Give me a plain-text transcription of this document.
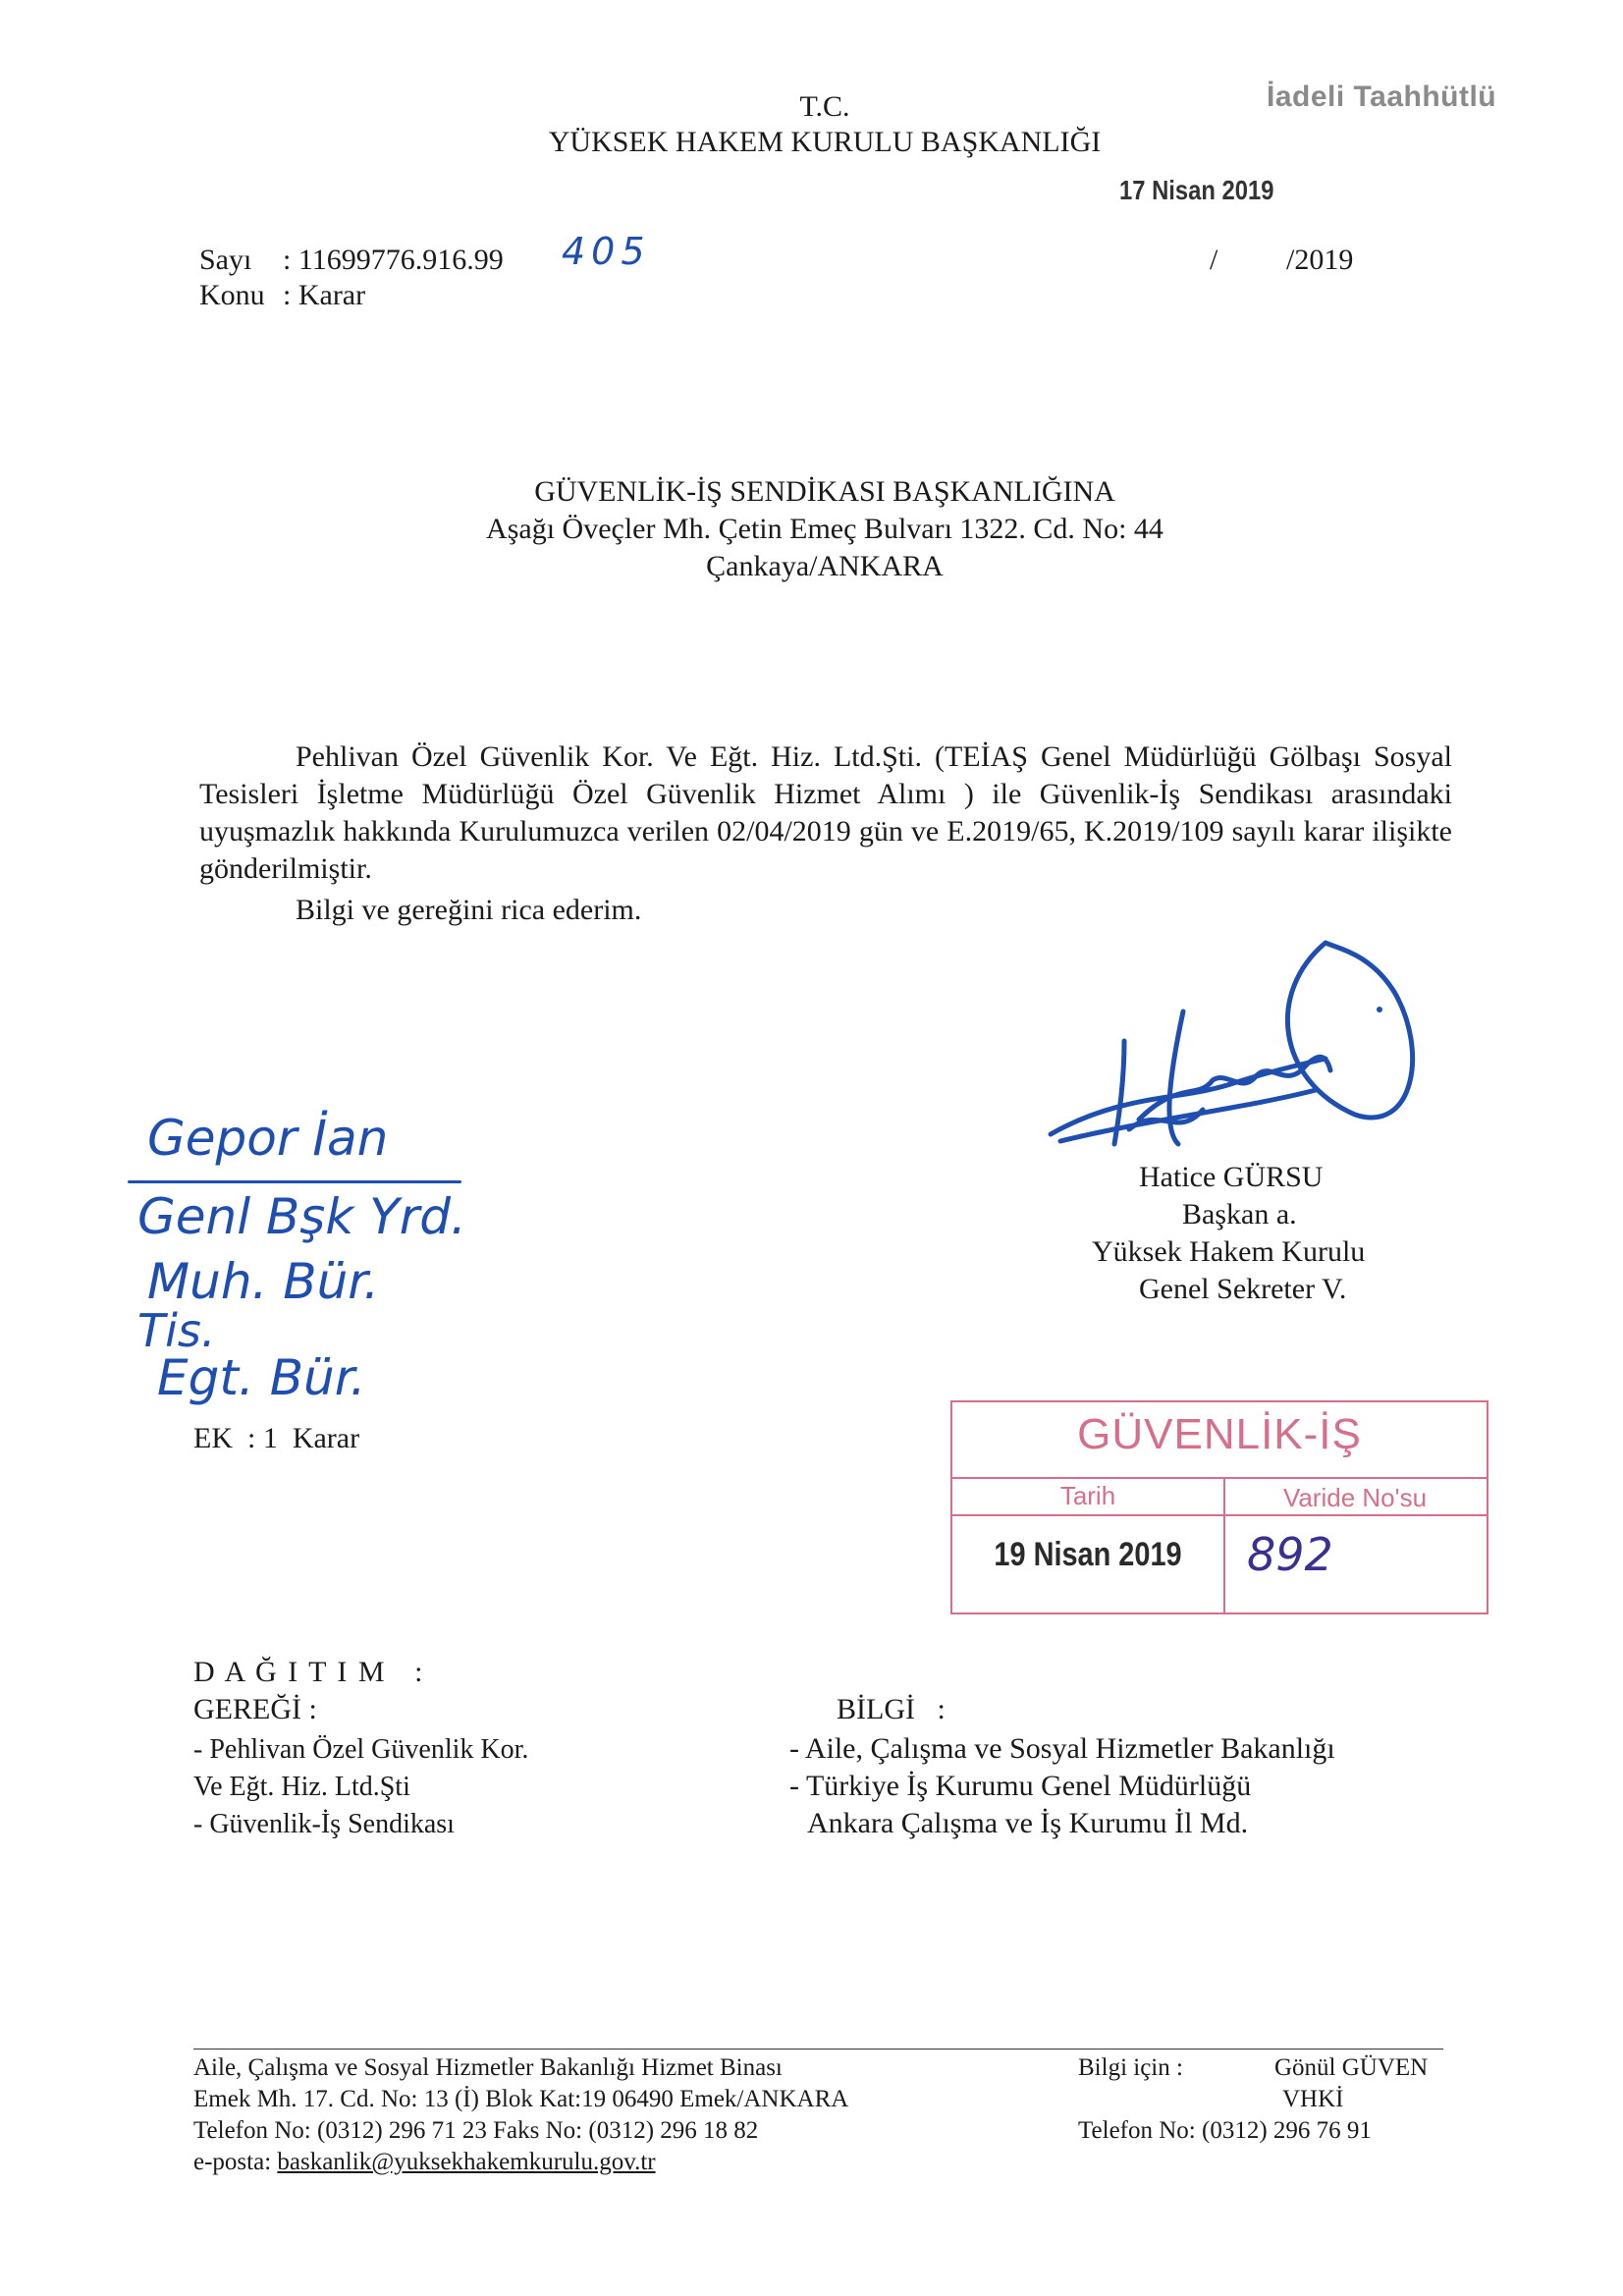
İadeli Taahhütlü
17 Nisan 2019
T.C.
YÜKSEK HAKEM KURULU BAŞKANLIĞI
Sayı : 11699776.916.99 405	/ /2019
Konu : Karar
GÜVENLİK-İŞ SENDİKASI BAŞKANLIĞINA
Aşağı Öveçler Mh. Çetin Emeç Bulvarı 1322. Cd. No: 44
Çankaya/ANKARA
Pehlivan Özel Güvenlik Kor. Ve Eğt. Hiz. Ltd.Şti. (TEİAŞ Genel Müdürlüğü Gölbaşı Sosyal Tesisleri İşletme Müdürlüğü Özel Güvenlik Hizmet Alımı ) ile Güvenlik-İş Sendikası arasındaki uyuşmazlık hakkında Kurulumuzca verilen 02/04/2019 gün ve E.2019/65, K.2019/109 sayılı karar ilişikte gönderilmiştir.
Bilgi ve gereğini rica ederim.
Hatice GÜRSU
Başkan a.
Yüksek Hakem Kurulu
Genel Sekreter V.
Gepor İan
Genl Bşk Yrd.
Muh. Bür.
Tis.
Egt. Bür.
EK  : 1  Karar	GÜVENLİK-İŞ
Tarih	Varide No'su
19 Nisan 2019	892
D A Ğ I T I M   :
GEREĞİ :
- Pehlivan Özel Güvenlik Kor.
Ve Eğt. Hiz. Ltd.Şti
- Güvenlik-İş Sendikası
BİLGİ   :
- Aile, Çalışma ve Sosyal Hizmetler Bakanlığı
- Türkiye İş Kurumu Genel Müdürlüğü
Ankara Çalışma ve İş Kurumu İl Md.
Aile, Çalışma ve Sosyal Hizmetler Bakanlığı Hizmet Binası
Emek Mh. 17. Cd. No: 13 (İ) Blok Kat:19 06490 Emek/ANKARA
Telefon No: (0312) 296 71 23 Faks No: (0312) 296 18 82
e-posta: baskanlik@yuksekhakemkurulu.gov.tr
Bilgi için :	Gönül GÜVEN
VHKİ
Telefon No: (0312) 296 76 91
